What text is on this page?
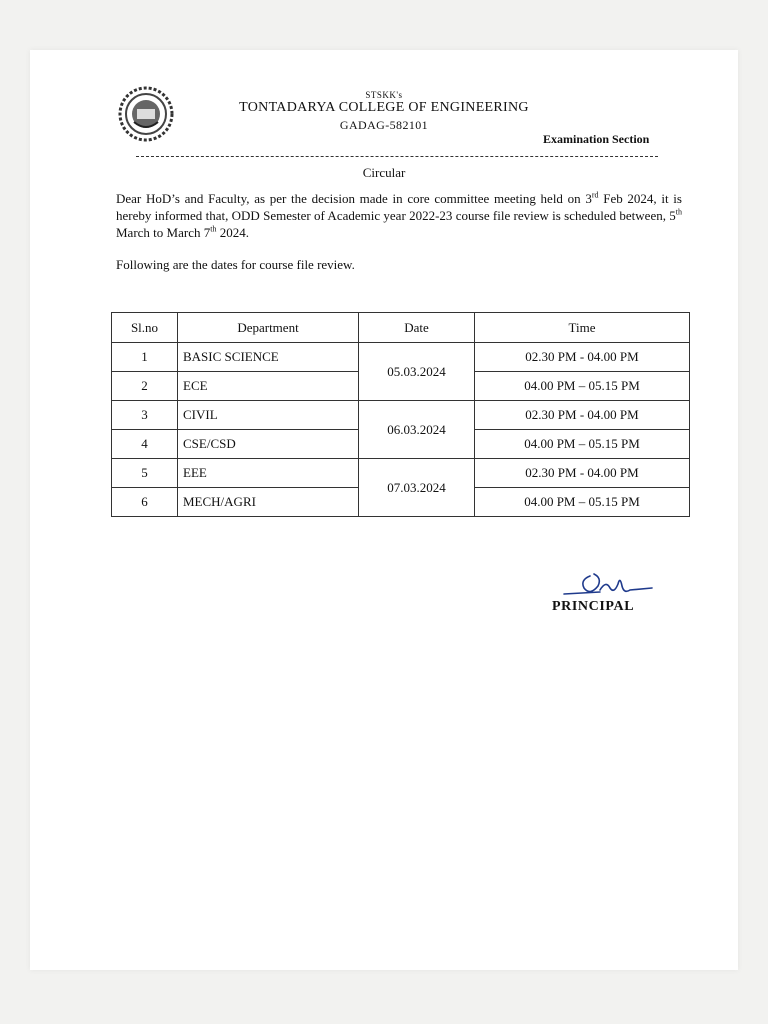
STSKK's
TONTADARYA COLLEGE OF ENGINEERING
GADAG-582101
Examination Section
Circular

Dear HoD’s and Faculty, as per the decision made in core committee meeting held on 3rd Feb 2024, it is hereby informed that, ODD Semester of Academic year 2022-23 course file review is scheduled between, 5th March to March 7th 2024.

Following are the dates for course file review.

Sl.no	Department	Date	Time
1	BASIC SCIENCE	05.03.2024	02.30 PM - 04.00 PM
2	ECE		04.00 PM – 05.15 PM
3	CIVIL	06.03.2024	02.30 PM - 04.00 PM
4	CSE/CSD		04.00 PM – 05.15 PM
5	EEE	07.03.2024	02.30 PM - 04.00 PM
6	MECH/AGRI		04.00 PM – 05.15 PM
PRINCIPAL
